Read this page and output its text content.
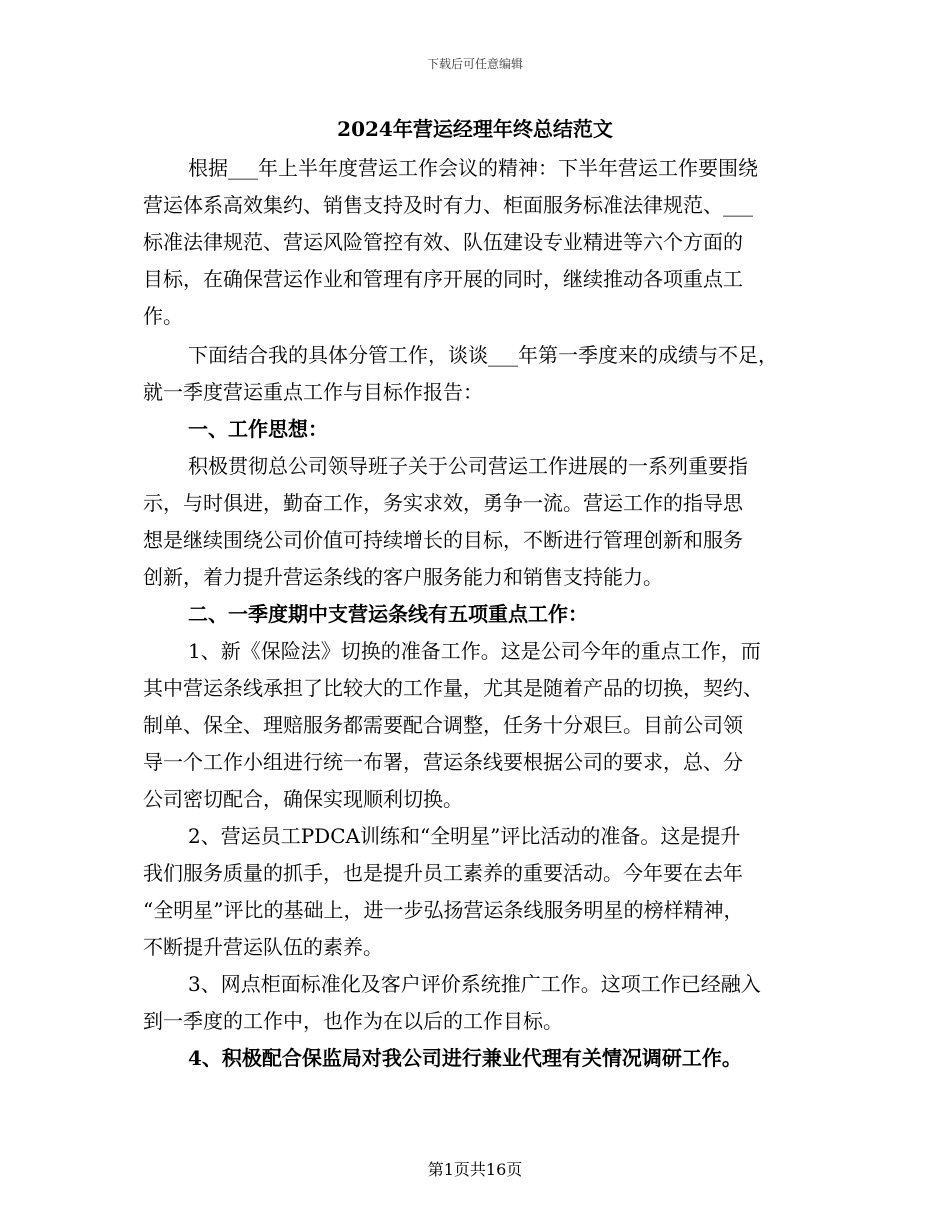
下载后可任意编辑
2024年营运经理年终总结范文
根据___年上半年度营运工作会议的精神：下半年营运工作要围绕
营运体系高效集约、销售支持及时有力、柜面服务标准法律规范、___
标准法律规范、营运风险管控有效、队伍建设专业精进等六个方面的
目标，在确保营运作业和管理有序开展的同时，继续推动各项重点工
作。
下面结合我的具体分管工作，谈谈___年第一季度来的成绩与不足，
就一季度营运重点工作与目标作报告：
一、工作思想：
积极贯彻总公司领导班子关于公司营运工作进展的一系列重要指
示，与时俱进，勤奋工作，务实求效，勇争一流。营运工作的指导思
想是继续围绕公司价值可持续增长的目标，不断进行管理创新和服务
创新，着力提升营运条线的客户服务能力和销售支持能力。
二、一季度期中支营运条线有五项重点工作：
1、新《保险法》切换的准备工作。这是公司今年的重点工作，而
其中营运条线承担了比较大的工作量，尤其是随着产品的切换，契约、
制单、保全、理赔服务都需要配合调整，任务十分艰巨。目前公司领
导一个工作小组进行统一布署，营运条线要根据公司的要求，总、分
公司密切配合，确保实现顺利切换。
2、营运员工PDCA训练和“全明星”评比活动的准备。这是提升
我们服务质量的抓手，也是提升员工素养的重要活动。今年要在去年
“全明星”评比的基础上，进一步弘扬营运条线服务明星的榜样精神，
不断提升营运队伍的素养。
3、网点柜面标准化及客户评价系统推广工作。这项工作已经融入
到一季度的工作中，也作为在以后的工作目标。
4、积极配合保监局对我公司进行兼业代理有关情况调研工作。
第1页共16页
